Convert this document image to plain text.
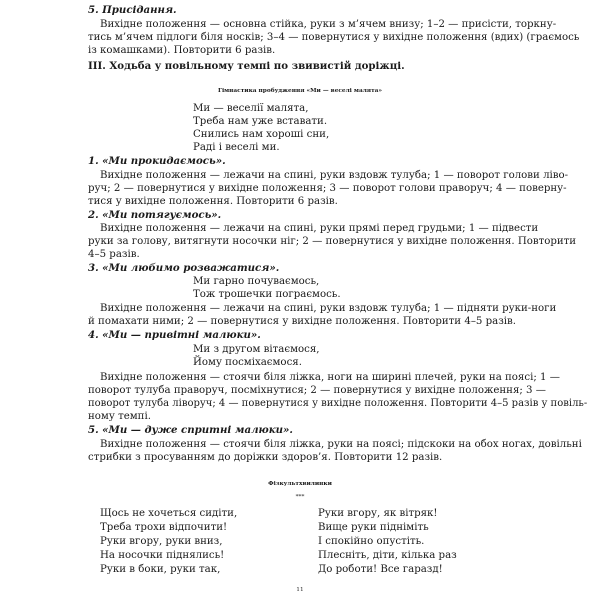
5. Присідання.
Вихідне положення — основна стійка, руки з м’ячем внизу; 1–2 — присісти, торкну-
тись м’ячем підлоги біля носків; 3–4 — повернутися у вихідне положення (вдих) (граємось
із комашками). Повторити 6 разів.
III. Ходьба у повільному темпі по звивистій доріжці.
Гімнастика пробудження «Ми — веселі малята»
Ми — веселії малята,
Треба нам уже вставати.
Снились нам хороші сни,
Раді і веселі ми.
1. «Ми прокидаємось».
Вихідне положення — лежачи на спині, руки вздовж тулуба; 1 — поворот голови ліво-
руч; 2 — повернутися у вихідне положення; 3 — поворот голови праворуч; 4 — поверну-
тися у вихідне положення. Повторити 6 разів.
2. «Ми потягуємось».
Вихідне положення — лежачи на спині, руки прямі перед грудьми; 1 — підвести
руки за голову, витягнути носочки ніг; 2 — повернутися у вихідне положення. Повторити
4–5 разів.
3. «Ми любимо розважатися».
Ми гарно почуваємось,
Тож трошечки пограємось.
Вихідне положення — лежачи на спині, руки вздовж тулуба; 1 — підняти руки-ноги
й помахати ними; 2 — повернутися у вихідне положення. Повторити 4–5 разів.
4. «Ми — привітні малюки».
Ми з другом вітаємося,
Йому посміхаємося.
Вихідне положення — стоячи біля ліжка, ноги на ширині плечей, руки на поясі; 1 —
поворот тулуба праворуч, посміхнутися; 2 — повернутися у вихідне положення; 3 —
поворот тулуба ліворуч; 4 — повернутися у вихідне положення. Повторити 4–5 разів у повіль-
ному темпі.
5. «Ми — дуже спритні малюки».
Вихідне положення — стоячи біля ліжка, руки на поясі; підскоки на обох ногах, довільні
стрибки з просуванням до доріжки здоров’я. Повторити 12 разів.
Фізкультхвилинки
***
Щось не хочеться сидіти,
Треба трохи відпочити!
Руки вгору, руки вниз,
На носочки піднялись!
Руки в боки, руки так,
Руки вгору, як вітряк!
Вище руки підніміть
І спокійно опустіть.
Плесніть, діти, кілька раз
До роботи! Все гаразд!
11
